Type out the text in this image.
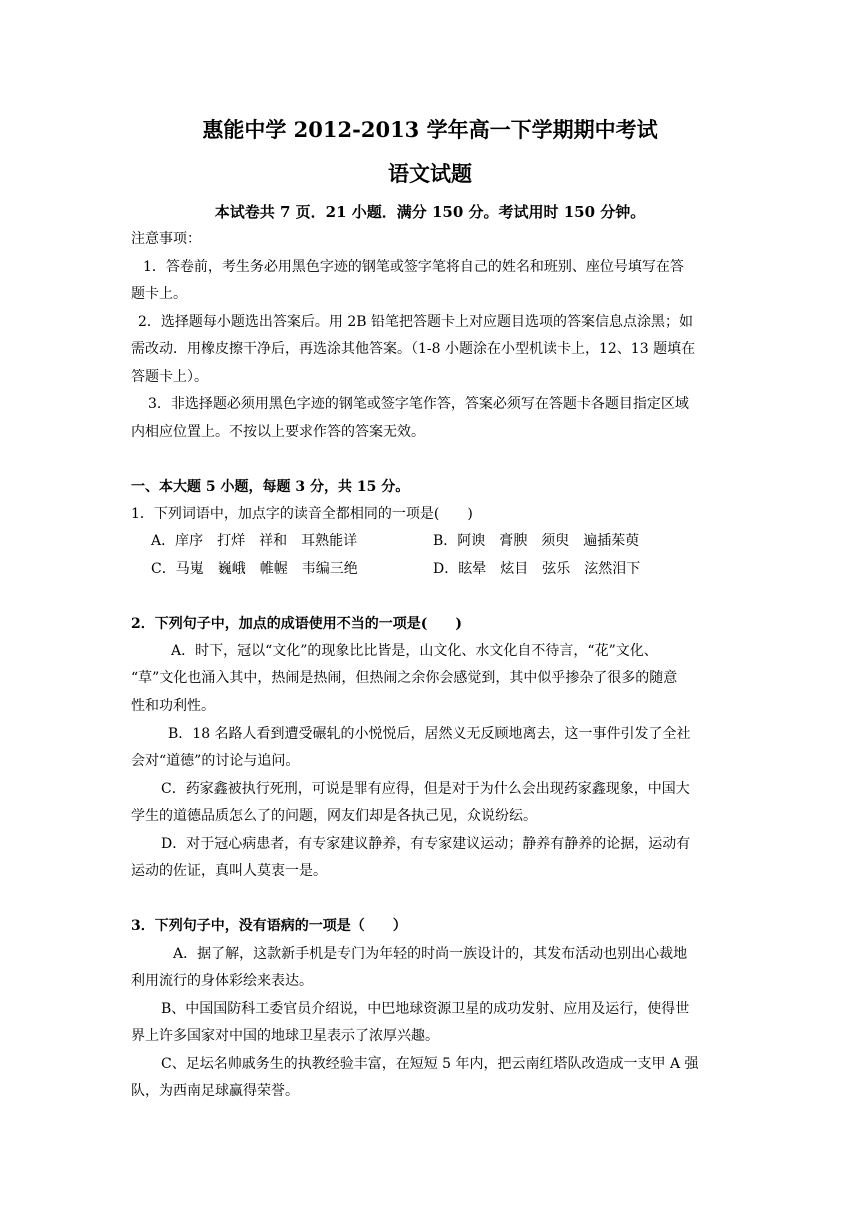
惠能中学 2012-2013 学年高一下学期期中考试
语文试题
本试卷共 7 页．21 小题．满分 150 分。考试用时 150 分钟。
注意事项：
1．答卷前，考生务必用黑色字迹的钢笔或签字笔将自己的姓名和班别、座位号填写在答
题卡上。
2．选择题每小题选出答案后。用 2B 铅笔把答题卡上对应题目选项的答案信息点涂黑；如
需改动．用橡皮擦干净后，再选涂其他答案。（1-8 小题涂在小型机读卡上，12、13 题填在
答题卡上）。
3．非选择题必须用黑色字迹的钢笔或签字笔作答，答案必须写在答题卡各题目指定区域
内相应位置上。不按以上要求作答的答案无效。
一、本大题 5 小题，每题 3 分，共 15 分。
1．下列词语中，加点字的读音全都相同的一项是(　　)
A．庠序　打烊　祥和　耳熟能详	B．阿谀　膏腴　须臾　遍插茱萸
C．马嵬　巍峨　帷幄　韦编三绝	D．眩晕　炫目　弦乐　泫然泪下
2．下列句子中，加点的成语使用不当的一项是(　　)
A．时下，冠以“文化”的现象比比皆是，山文化、水文化自不待言，“花”文化、
“草”文化也涌入其中，热闹是热闹，但热闹之余你会感觉到，其中似乎掺杂了很多的随意
性和功利性。
B．18 名路人看到遭受碾轧的小悦悦后，居然义无反顾地离去，这一事件引发了全社
会对“道德”的讨论与追问。
C．药家鑫被执行死刑，可说是罪有应得，但是对于为什么会出现药家鑫现象，中国大
学生的道德品质怎么了的问题，网友们却是各执己见，众说纷纭。
D．对于冠心病患者，有专家建议静养，有专家建议运动；静养有静养的论据，运动有
运动的佐证，真叫人莫衷一是。
3．下列句子中，没有语病的一项是（　　）
A．据了解，这款新手机是专门为年轻的时尚一族设计的，其发布活动也别出心裁地
利用流行的身体彩绘来表达。
B、中国国防科工委官员介绍说，中巴地球资源卫星的成功发射、应用及运行，使得世
界上许多国家对中国的地球卫星表示了浓厚兴趣。
C、足坛名帅戚务生的执教经验丰富，在短短 5 年内，把云南红塔队改造成一支甲 A 强
队，为西南足球赢得荣誉。
